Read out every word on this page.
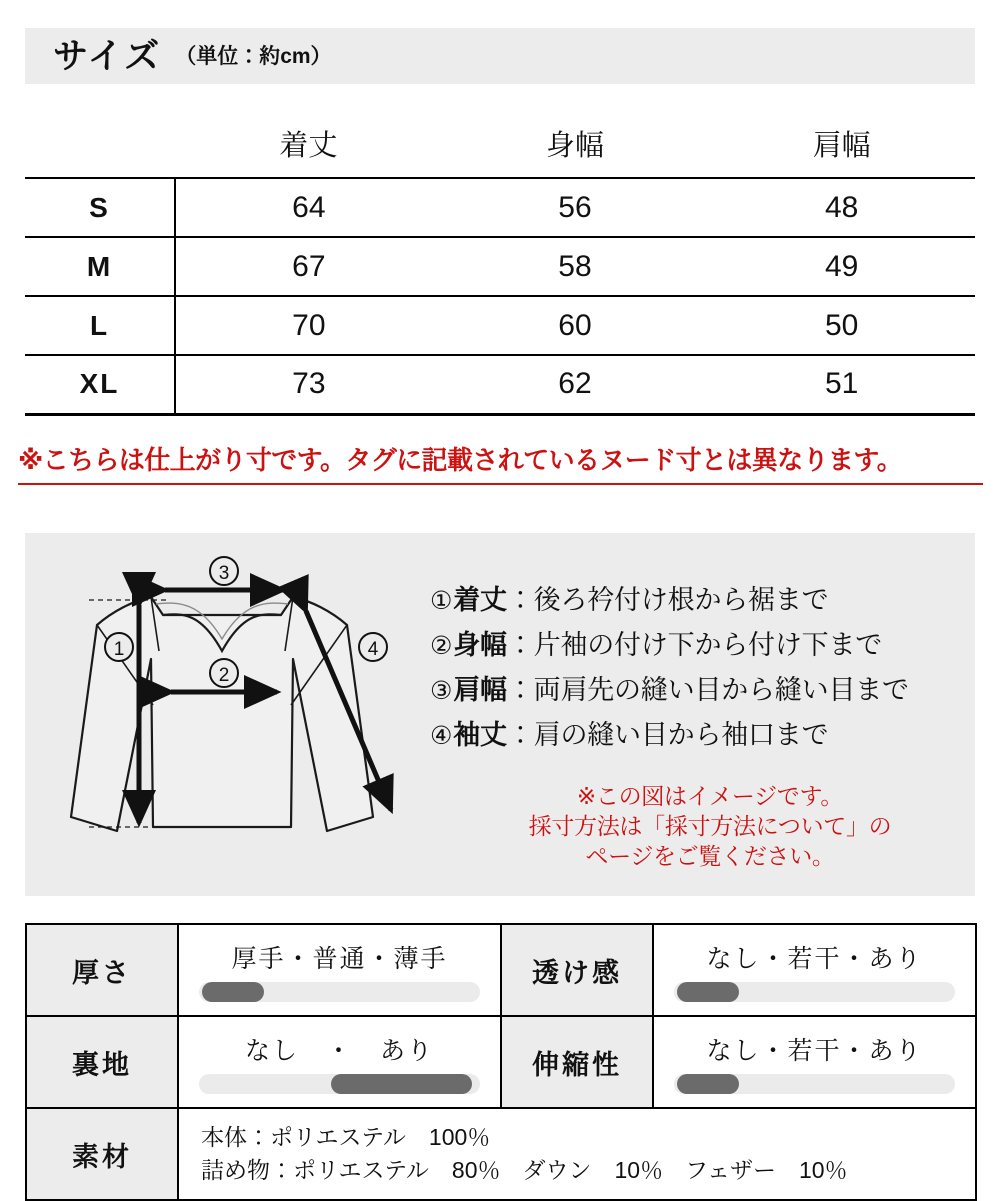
サイズ （単位：約cm）
	着丈	身幅	肩幅
S	64	56	48
M	67	58	49
L	70	60	50
XL	73	62	51
※こちらは仕上がり寸です。タグに記載されているヌード寸とは異なります。
1
2
3
4
①着丈：後ろ衿付け根から裾まで
②身幅：片袖の付け下から付け下まで
③肩幅：両肩先の縫い目から縫い目まで
④袖丈：肩の縫い目から袖口まで
※この図はイメージです。
採寸方法は「採寸方法について」の
ページをご覧ください。
厚さ	厚手・普通・薄手	透け感	なし・若干・あり

裏地	なし　・　あり	伸縮性	なし・若干・あり

素材	本体：ポリエステル　100％
詰め物：ポリエステル　80％ ダウン　10％ フェザー　10％		
